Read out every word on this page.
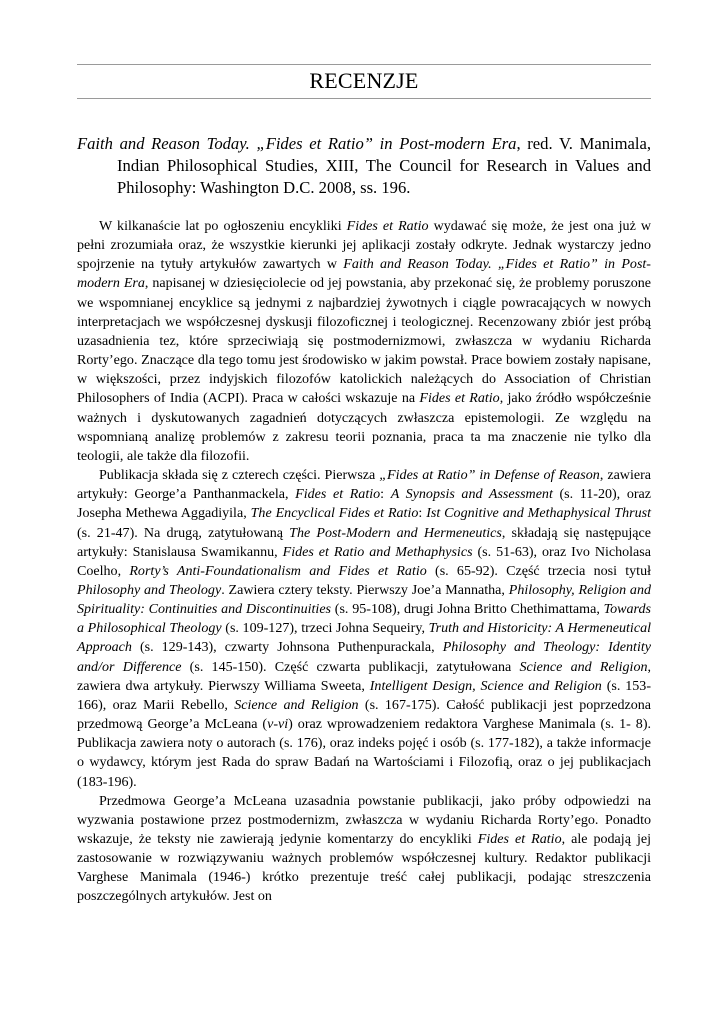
RECENZJE
Faith and Reason Today. „Fides et Ratio” in Post-modern Era, red. V. Manimala, Indian Philosophical Studies, XIII, The Council for Research in Values and Philosophy: Washington D.C. 2008, ss. 196.

W kilkanaście lat po ogłoszeniu encykliki Fides et Ratio wydawać się może, że jest ona już w pełni zrozumiała oraz, że wszystkie kierunki jej aplikacji zostały odkryte. Jednak wystarczy jedno spojrzenie na tytuły artykułów zawartych w Faith and Reason Today. „Fides et Ratio” in Post-modern Era, napisanej w dziesięciolecie od jej powstania, aby przekonać się, że problemy poruszone we wspomnianej encyklice są jednymi z najbardziej żywotnych i ciągle powracających w nowych interpretacjach we współczesnej dyskusji filozoficznej i teologicznej. Recenzowany zbiór jest próbą uzasadnienia tez, które sprzeciwiają się postmodernizmowi, zwłaszcza w wydaniu Richarda Rorty’ego. Znaczące dla tego tomu jest środowisko w jakim powstał. Prace bowiem zostały napisane, w większości, przez indyjskich filozofów katolickich należących do Association of Christian Philosophers of India (ACPI). Praca w całości wskazuje na Fides et Ratio, jako źródło współcześnie ważnych i dyskutowanych zagadnień dotyczących zwłaszcza epistemologii. Ze względu na wspomnianą analizę problemów z zakresu teorii poznania, praca ta ma znaczenie nie tylko dla teologii, ale także dla filozofii.

Publikacja składa się z czterech części. Pierwsza „Fides at Ratio” in Defense of Reason, zawiera artykuły: George’a Panthanmackela, Fides et Ratio: A Synopsis and Assessment (s. 11-20), oraz Josepha Methewa Aggadiyila, The Encyclical Fides et Ratio: Ist Cognitive and Methaphysical Thrust (s. 21-47). Na drugą, zatytułowaną The Post-Modern and Hermeneutics, składają się następujące artykuły: Stanislausa Swamikannu, Fides et Ratio and Methaphysics (s. 51-63), oraz Ivo Nicholasa Coelho, Rorty’s Anti-Foundationalism and Fides et Ratio (s. 65-92). Część trzecia nosi tytuł Philosophy and Theology. Zawiera cztery teksty. Pierwszy Joe’a Mannatha, Philosophy, Religion and Spirituality: Continuities and Discontinuities (s. 95-108), drugi Johna Britto Chethimattama, Towards a Philosophical Theology (s. 109-127), trzeci Johna Sequeiry, Truth and Historicity: A Hermeneutical Approach (s. 129-143), czwarty Johnsona Puthenpurackala, Philosophy and Theology: Identity and/or Difference (s. 145-150). Część czwarta publikacji, zatytułowana Science and Religion, zawiera dwa artykuły. Pierwszy Williama Sweeta, Intelligent Design, Science and Religion (s. 153-166), oraz Marii Rebello, Science and Religion (s. 167-175). Całość publikacji jest poprzedzona przedmową George’a McLeana (v-vi) oraz wprowadzeniem redaktora Varghese Manimala (s. 1- 8). Publikacja zawiera noty o autorach (s. 176), oraz indeks pojęć i osób (s. 177-182), a także informacje o wydawcy, którym jest Rada do spraw Badań na Wartościami i Filozofią, oraz o jej publikacjach (183-196).

Przedmowa George’a McLeana uzasadnia powstanie publikacji, jako próby odpowiedzi na wyzwania postawione przez postmodernizm, zwłaszcza w wydaniu Richarda Rorty’ego. Ponadto wskazuje, że teksty nie zawierają jedynie komentarzy do encykliki Fides et Ratio, ale podają jej zastosowanie w rozwiązywaniu ważnych problemów współczesnej kultury. Redaktor publikacji Varghese Manimala (1946-) krótko prezentuje treść całej publikacji, podając streszczenia poszczególnych artykułów. Jest on
